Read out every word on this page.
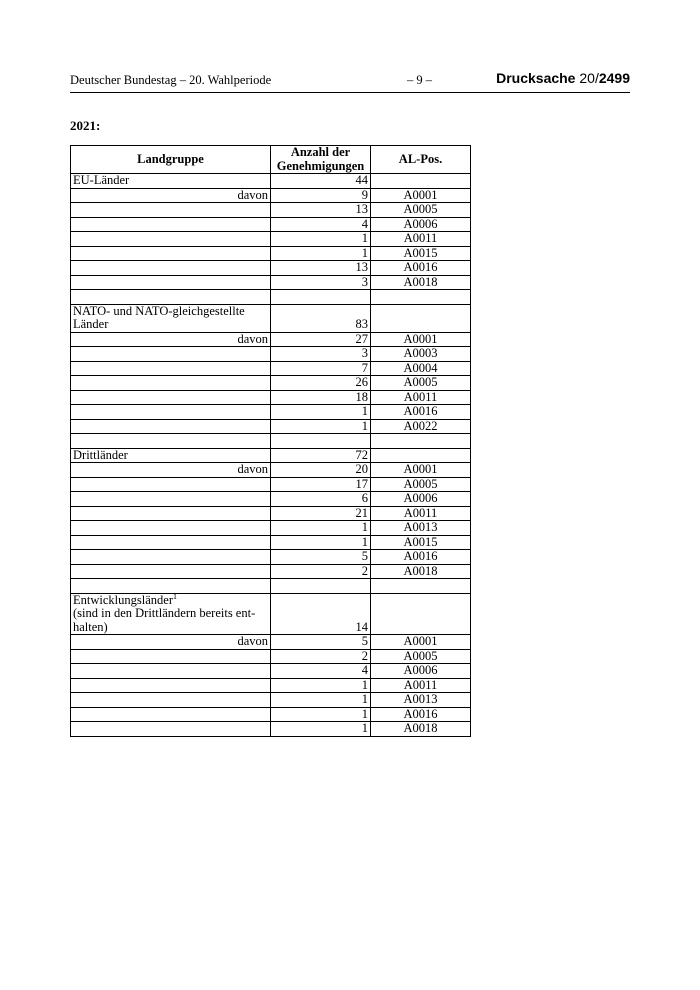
Deutscher Bundestag – 20. Wahlperiode	– 9 –	Drucksache 20/2499
2021:
Landgruppe	Anzahl der Genehmigungen	AL-Pos.
EU-Länder	44	
davon	9	A0001
	13	A0005
	4	A0006
	1	A0011
	1	A0015
	13	A0016
	3	A0018

NATO- und NATO-gleichgestellte
Länder	83	
davon	27	A0001
	3	A0003
	7	A0004
	26	A0005
	18	A0011
	1	A0016
	1	A0022

Drittländer	72	
davon	20	A0001
	17	A0005
	6	A0006
	21	A0011
	1	A0013
	1	A0015
	5	A0016
	2	A0018

Entwicklungsländer$^1$
(sind in den Drittländern bereits ent-
halten)	14	
davon	5	A0001
	2	A0005
	4	A0006
	1	A0011
	1	A0013
	1	A0016
	1	A0018
